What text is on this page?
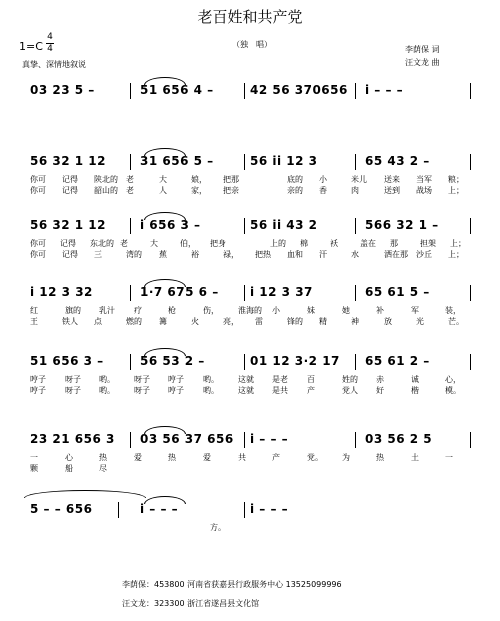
老百姓和共产党
1=C
4
4
真挚、深情地叙说
（独　唱）
李荫保 词
汪文龙 曲
03 23 5 –	51 656 4 –	42 56 370656 i – – –
56 32 1 12	31 656 5 –	56 ii 12 3	65 43 2 –
你可 记得 陕北的 老	大	娘， 把那	底的 小	米儿 送来 当军 粮；
你可 记得 韶山的 老	人	家， 把亲	亲的 香	肉	送到 战场 上；
56 32 1 12	i 656 3 –	56 ii 43 2	566 32 1 –
你可 记得 东北的 老	大	伯， 把身	上的 棉	袄	盖在 那	担架 上；
你可 记得 三	湾的 蕉	裕	禄， 把热 血和 汗	水	洒在那 沙丘 上；
i 12 3 32	1·7 675 6 –	i 12 3 37	65 61 5 –
红	旗的 乳汁 疗	枪	伤， 淮海的 小	妹	她	补	军	装，
王	铁人 点	燃的 篝	火	亮， 雷	锋的 精	神	放	光	芒。
51 656 3 –	56 53 2 –	01 12 3·2 17 65 61 2 –
哼子 呀子 哟。 呀子 哼子 哟。 这就 是老 百	姓的 赤	诚	心，
哼子 呀子 哟。 呀子 哼子 哟。 这就 是共 产	党人 好	楷	模。
23 21 656 3 03 56 37 656 i – – –	03 56 2 5
一	心	热	爱	热	爱	共	产	党。 为	热	土	一
颗	船	尽
5 – – 656	i – – –	i – – –
方。
李荫保：453800 河南省获嘉县行政服务中心 13525099996
汪文龙：323300 浙江省遂昌县文化馆
